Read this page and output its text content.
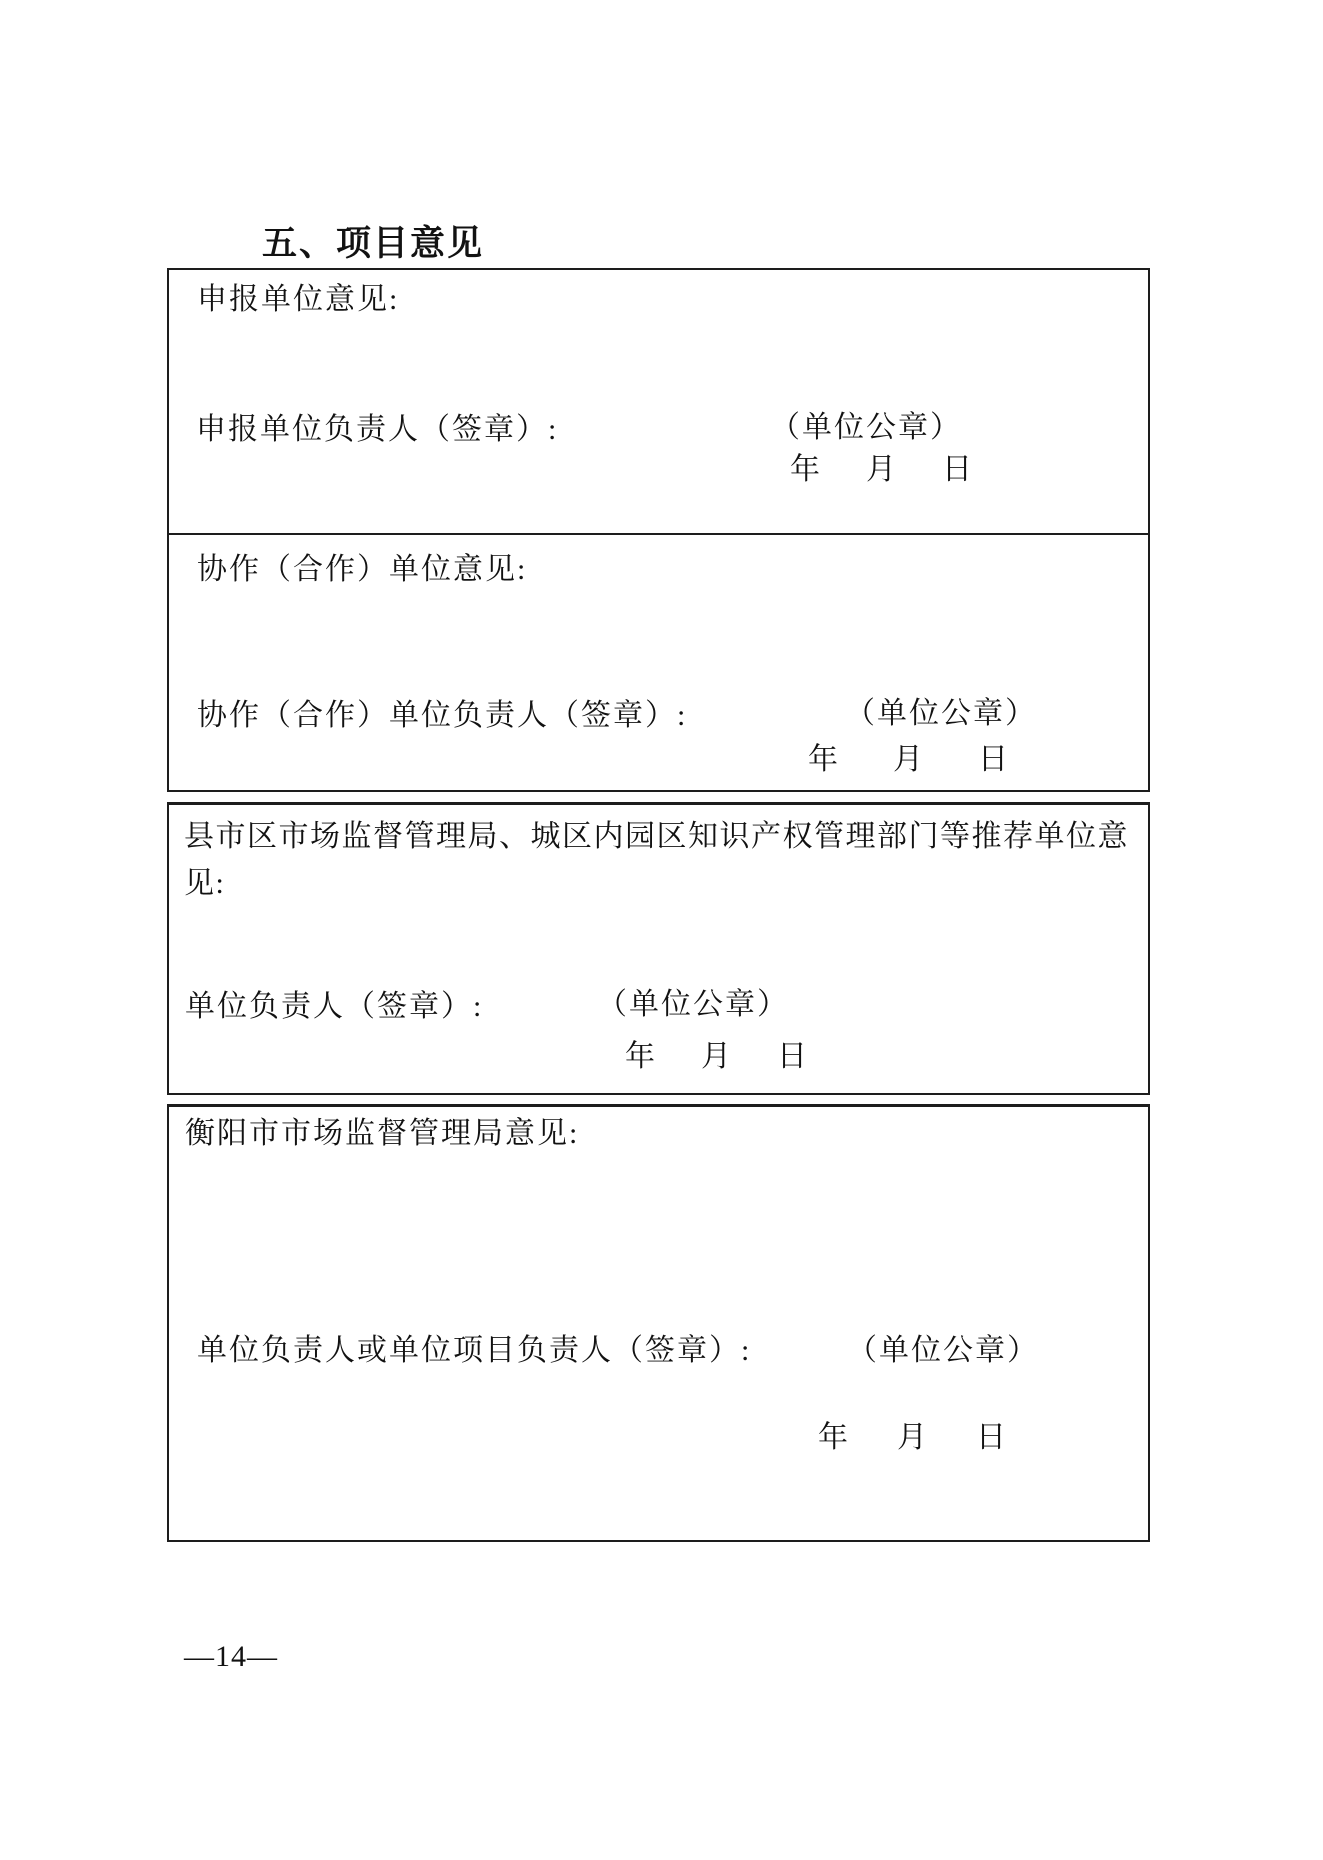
五、项目意见
申报单位意见:
申报单位负责人（签章）:	（单位公章）
年 月 日
协作（合作）单位意见:
协作（合作）单位负责人（签章）:	（单位公章）
年 月 日
县市区市场监督管理局、城区内园区知识产权管理部门等推荐单位意见:
单位负责人（签章）:	（单位公章）
年 月 日
衡阳市市场监督管理局意见:
单位负责人或单位项目负责人（签章）:	（单位公章）
年 月 日
—14—
